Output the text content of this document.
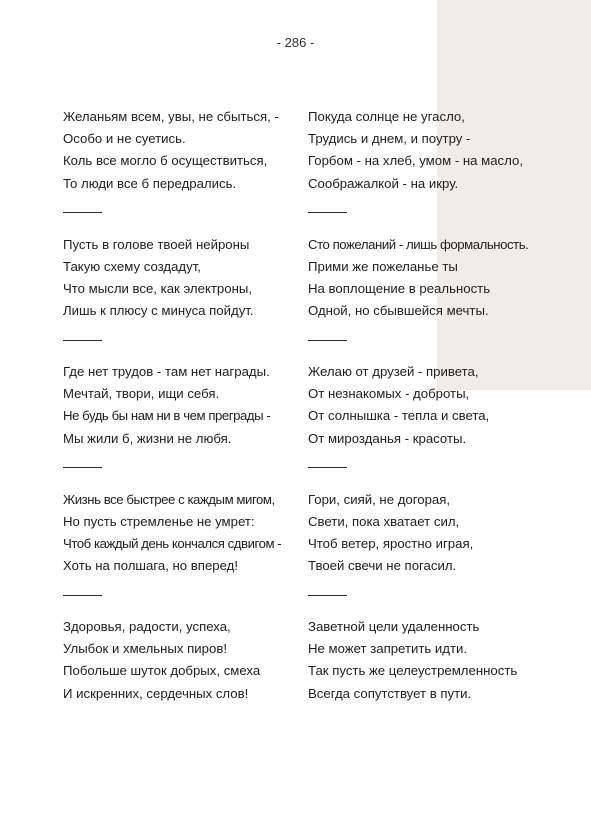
- 286 -
Желаньям всем, увы, не сбыться, -
Особо и не суетись.
Коль все могло б осуществиться,
То люди все б передрались.
Пусть в голове твоей нейроны
Такую схему создадут,
Что мысли все, как электроны,
Лишь к плюсу с минуса пойдут.
Где нет трудов - там нет награды.
Мечтай, твори, ищи себя.
Не будь бы нам ни в чем преграды -
Мы жили б, жизни не любя.
Жизнь все быстрее с каждым мигом,
Но пусть стремленье не умрет:
Чтоб каждый день кончался сдвигом -
Хоть на полшага, но вперед!
Здоровья, радости, успеха,
Улыбок и хмельных пиров!
Побольше шуток добрых, смеха
И искренних, сердечных слов!
Покуда солнце не угасло,
Трудись и днем, и поутру -
Горбом - на хлеб, умом - на масло,
Соображалкой - на икру.
Сто пожеланий - лишь формальность.
Прими же пожеланье ты
На воплощение в реальность
Одной, но сбывшейся мечты.
Желаю от друзей - привета,
От незнакомых - доброты,
От солнышка - тепла и света,
От мирозданья - красоты.
Гори, сияй, не догорая,
Свети, пока хватает сил,
Чтоб ветер, яростно играя,
Твоей свечи не погасил.
Заветной цели удаленность
Не может запретить идти.
Так пусть же целеустремленность
Всегда сопутствует в пути.
